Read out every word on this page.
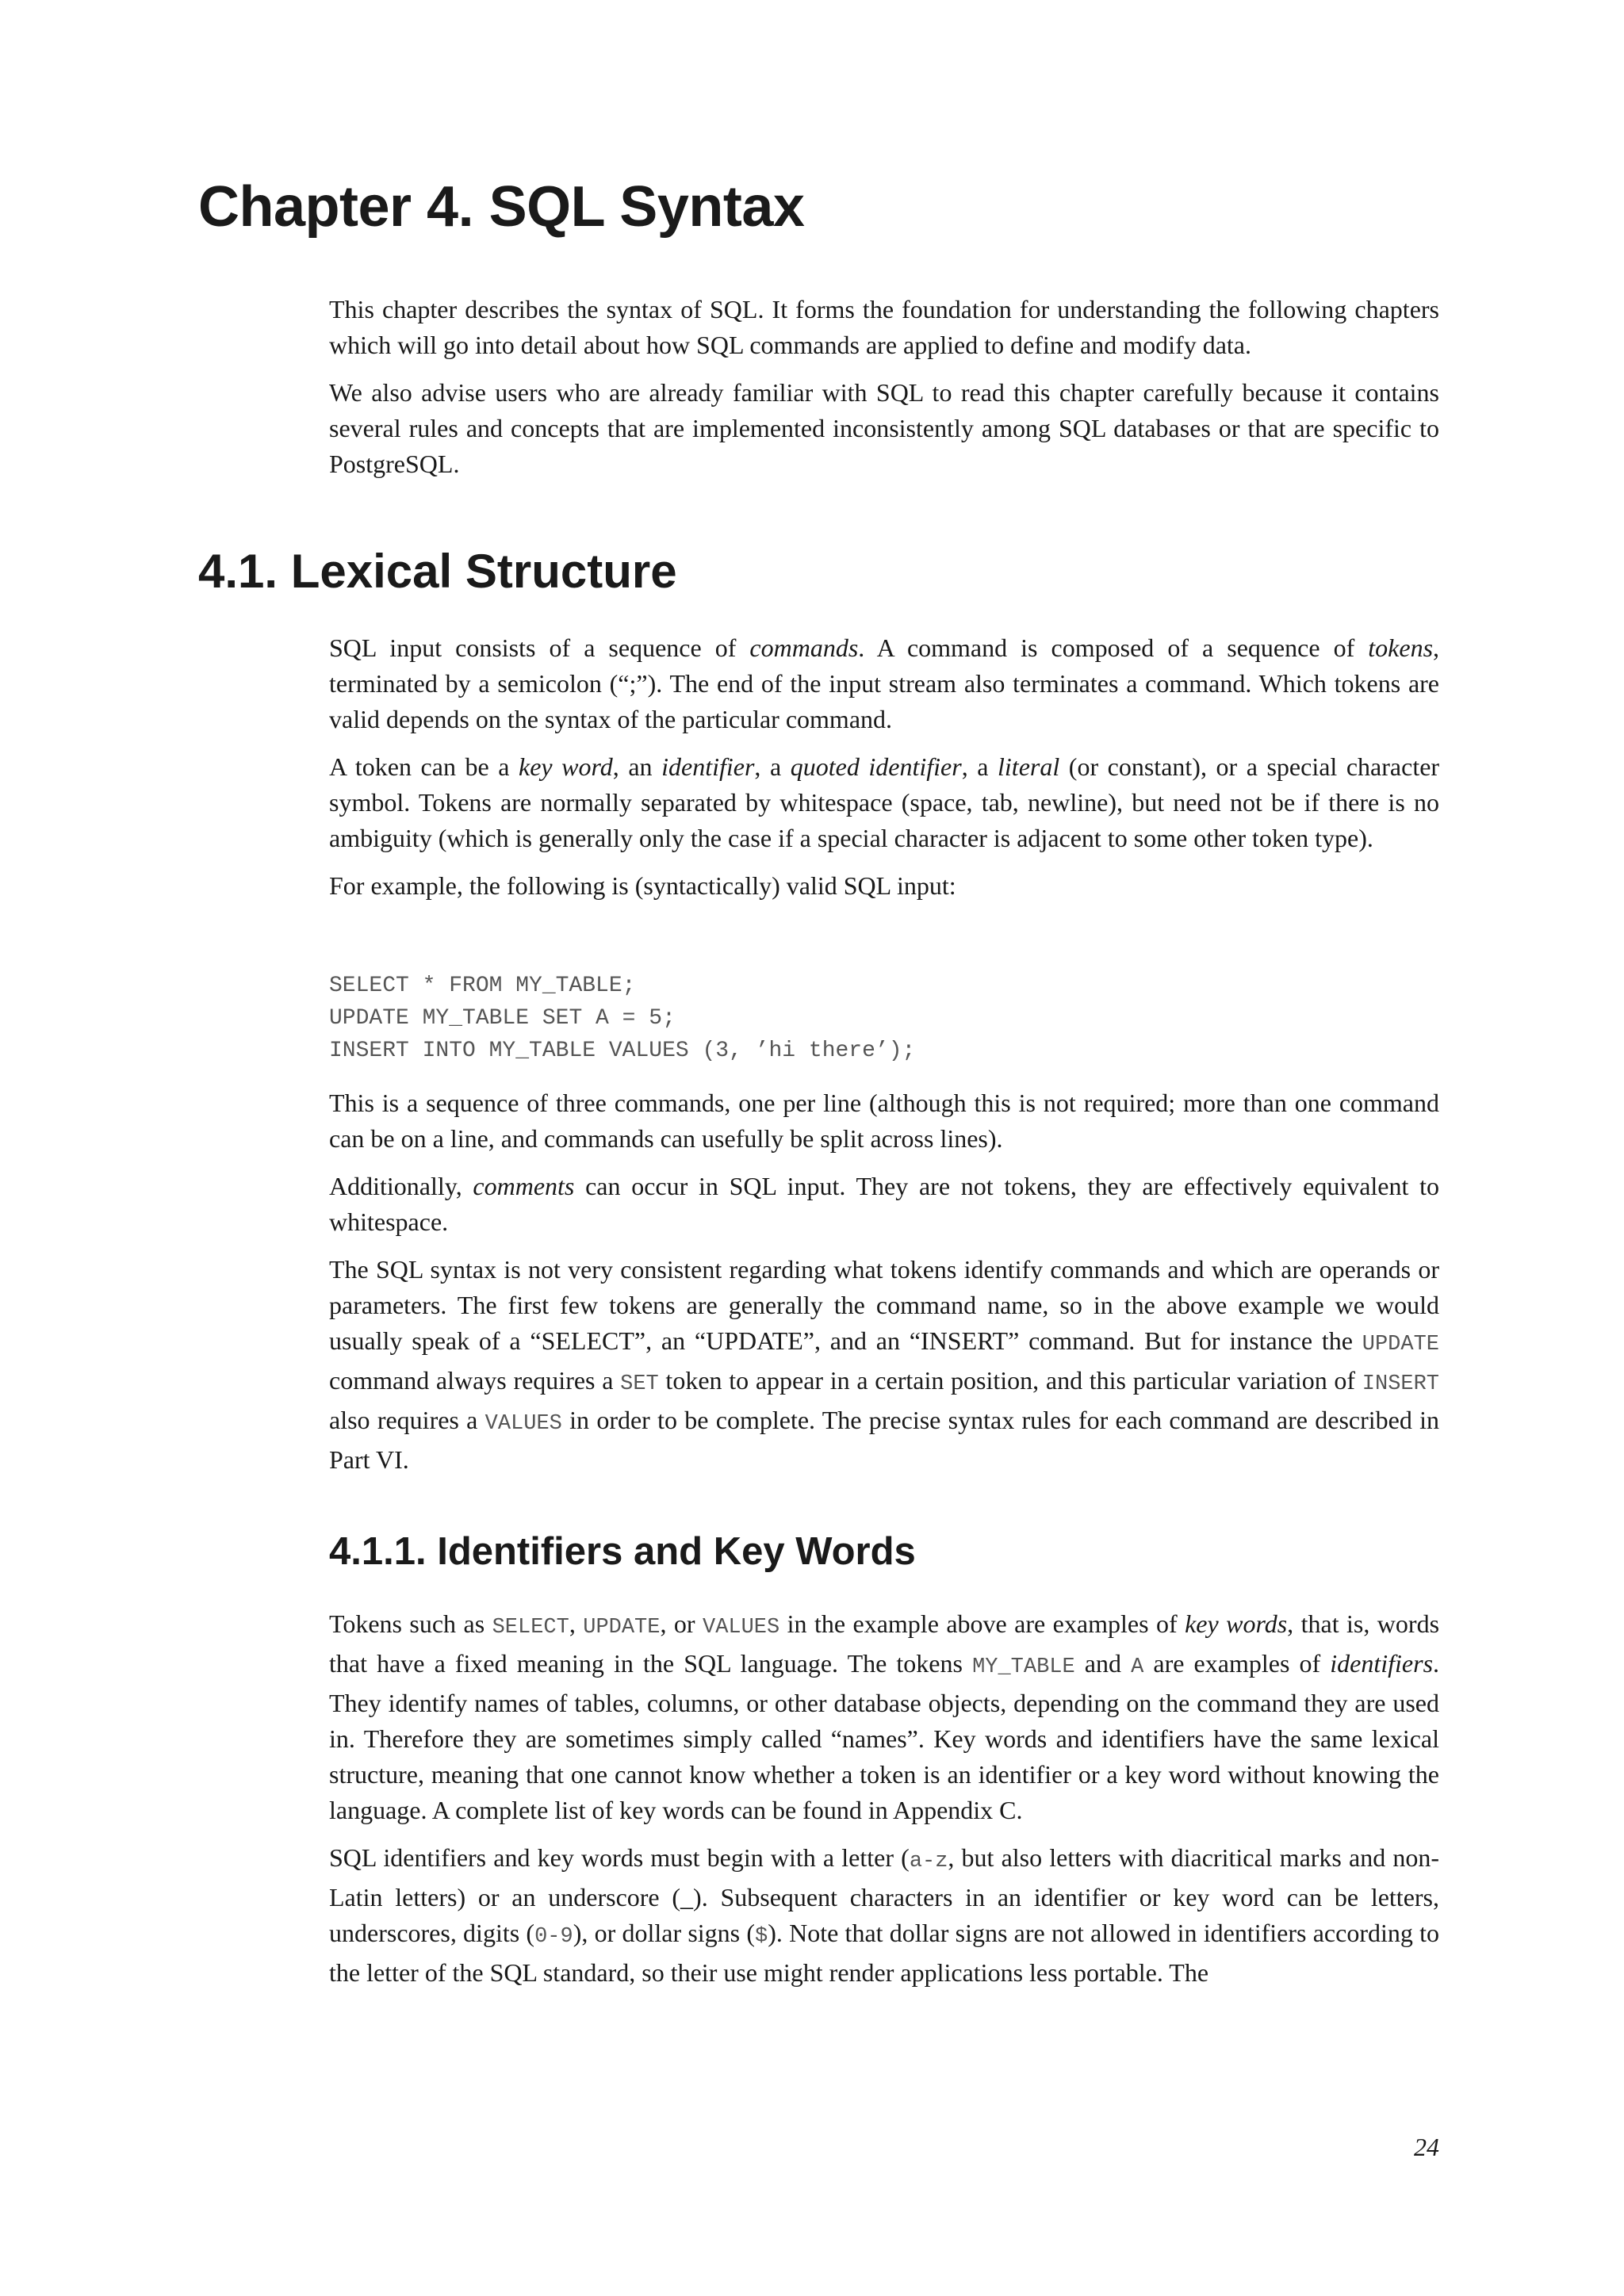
Chapter 4. SQL Syntax

This chapter describes the syntax of SQL. It forms the foundation for understanding the following chapters which will go into detail about how SQL commands are applied to define and modify data.

We also advise users who are already familiar with SQL to read this chapter carefully because it contains several rules and concepts that are implemented inconsistently among SQL databases or that are specific to PostgreSQL.

4.1. Lexical Structure

SQL input consists of a sequence of commands. A command is composed of a sequence of tokens, terminated by a semicolon (“;”). The end of the input stream also terminates a command. Which tokens are valid depends on the syntax of the particular command.

A token can be a key word, an identifier, a quoted identifier, a literal (or constant), or a special character symbol. Tokens are normally separated by whitespace (space, tab, newline), but need not be if there is no ambiguity (which is generally only the case if a special character is adjacent to some other token type).

For example, the following is (syntactically) valid SQL input:

SELECT * FROM MY_TABLE;
UPDATE MY_TABLE SET A = 5;
INSERT INTO MY_TABLE VALUES (3, ’hi there’);

This is a sequence of three commands, one per line (although this is not required; more than one command can be on a line, and commands can usefully be split across lines).

Additionally, comments can occur in SQL input. They are not tokens, they are effectively equivalent to whitespace.

The SQL syntax is not very consistent regarding what tokens identify commands and which are operands or parameters. The first few tokens are generally the command name, so in the above example we would usually speak of a “SELECT”, an “UPDATE”, and an “INSERT” command. But for instance the UPDATE command always requires a SET token to appear in a certain position, and this particular variation of INSERT also requires a VALUES in order to be complete. The precise syntax rules for each command are described in Part VI.

4.1.1. Identifiers and Key Words

Tokens such as SELECT, UPDATE, or VALUES in the example above are examples of key words, that is, words that have a fixed meaning in the SQL language. The tokens MY_TABLE and A are examples of identifiers. They identify names of tables, columns, or other database objects, depending on the command they are used in. Therefore they are sometimes simply called “names”. Key words and identifiers have the same lexical structure, meaning that one cannot know whether a token is an identifier or a key word without knowing the language. A complete list of key words can be found in Appendix C.

SQL identifiers and key words must begin with a letter (a-z, but also letters with diacritical marks and non-Latin letters) or an underscore (_). Subsequent characters in an identifier or key word can be letters, underscores, digits (0-9), or dollar signs ($). Note that dollar signs are not allowed in identifiers according to the letter of the SQL standard, so their use might render applications less portable. The

24
